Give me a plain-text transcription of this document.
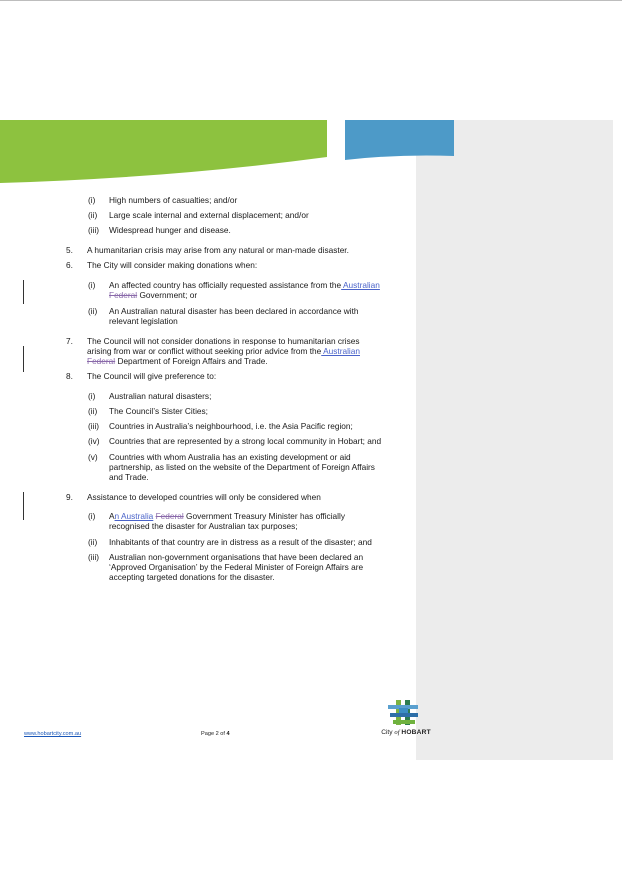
(i) High numbers of casualties; and/or
(ii) Large scale internal and external displacement; and/or
(iii) Widespread hunger and disease.
5. A humanitarian crisis may arise from any natural or man-made disaster.
6. The City will consider making donations when:
(i) An affected country has officially requested assistance from the Australian
Federal Government; or
(ii) An Australian natural disaster has been declared in accordance with
relevant legislation
7. The Council will not consider donations in response to humanitarian crises
arising from war or conflict without seeking prior advice from the Australian
Federal Department of Foreign Affairs and Trade.
8. The Council will give preference to:
(i) Australian natural disasters;
(ii) The Council’s Sister Cities;
(iii) Countries in Australia’s neighbourhood, i.e. the Asia Pacific region;
(iv) Countries that are represented by a strong local community in Hobart; and
(v) Countries with whom Australia has an existing development or aid
partnership, as listed on the website of the Department of Foreign Affairs
and Trade.
9. Assistance to developed countries will only be considered when
(i) An Australia Federal Government Treasury Minister has officially
recognised the disaster for Australian tax purposes;
(ii) Inhabitants of that country are in distress as a result of the disaster; and
(iii) Australian non-government organisations that have been declared an
‘Approved Organisation’ by the Federal Minister of Foreign Affairs are
accepting targeted donations for the disaster.
www.hobartcity.com.au	Page 2 of 4	City of HOBART
